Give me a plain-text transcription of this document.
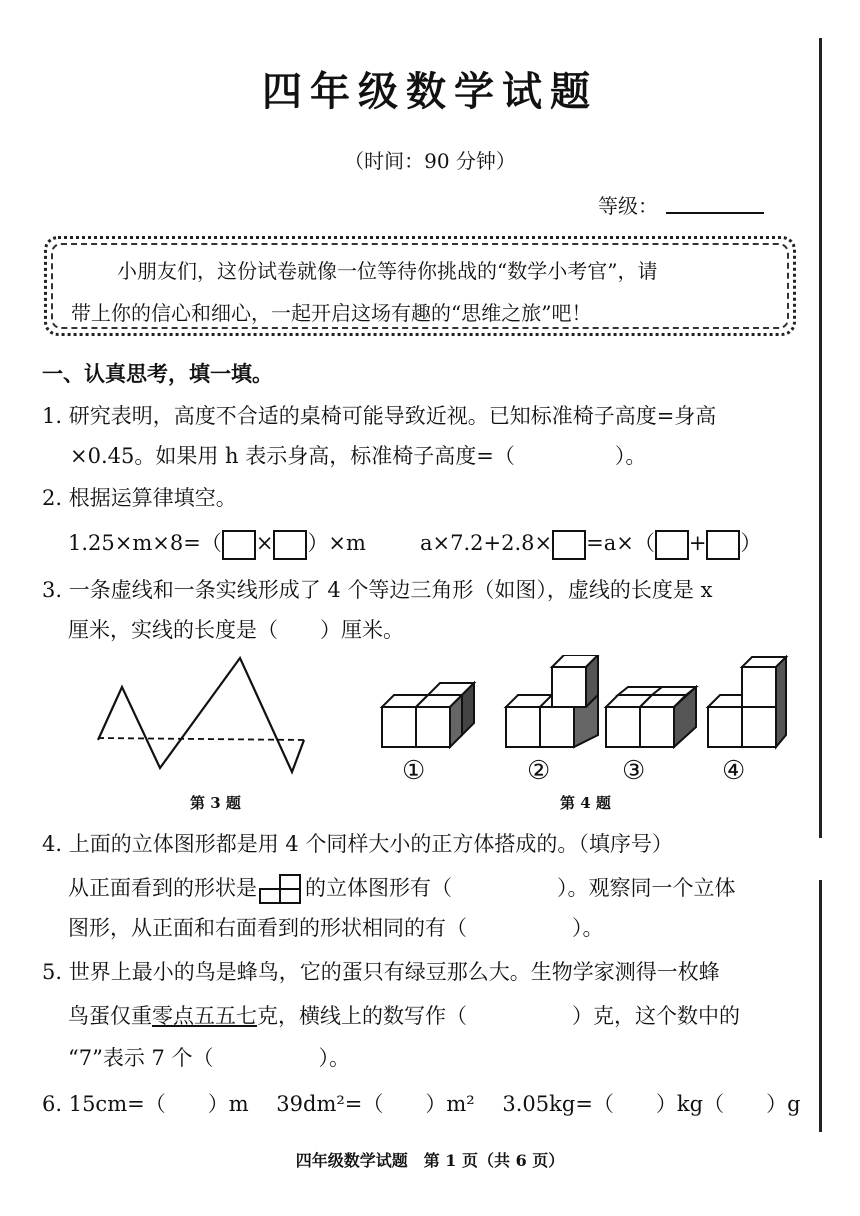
四年级数学试题
（时间：90 分钟）
等级：
小朋友们，这份试卷就像一位等待你挑战的“数学小考官”，请
带上你的信心和细心，一起开启这场有趣的“思维之旅”吧！
一、认真思考，填一填。
1. 研究表明，高度不合适的桌椅可能导致近视。已知标准椅子高度=身高
×0.45。如果用 h 表示身高，标准椅子高度=（	）。
2. 根据运算律填空。
1.25×m×8=（ × ）×m	a×7.2+2.8× =a×（ + ）
3. 一条虚线和一条实线形成了 4 个等边三角形（如图），虚线的长度是 x
厘米，实线的长度是（　　）厘米。
第 3 题
①	②	③	④
第 4 题
4. 上面的立体图形都是用 4 个同样大小的正方体搭成的。（填序号）
从正面看到的形状是 的立体图形有（　　　　　）。观察同一个立体
图形，从正面和右面看到的形状相同的有（　　　　　）。
5. 世界上最小的鸟是蜂鸟，它的蛋只有绿豆那么大。生物学家测得一枚蜂
鸟蛋仅重零点五五七克，横线上的数写作（　　　　　）克，这个数中的
“7”表示 7 个（　　　　　）。
6. 15cm=（　　）m　 39dm²=（　　）m²　 3.05kg=（　　）kg（　　）g
四年级数学试题　第 1 页（共 6 页）
